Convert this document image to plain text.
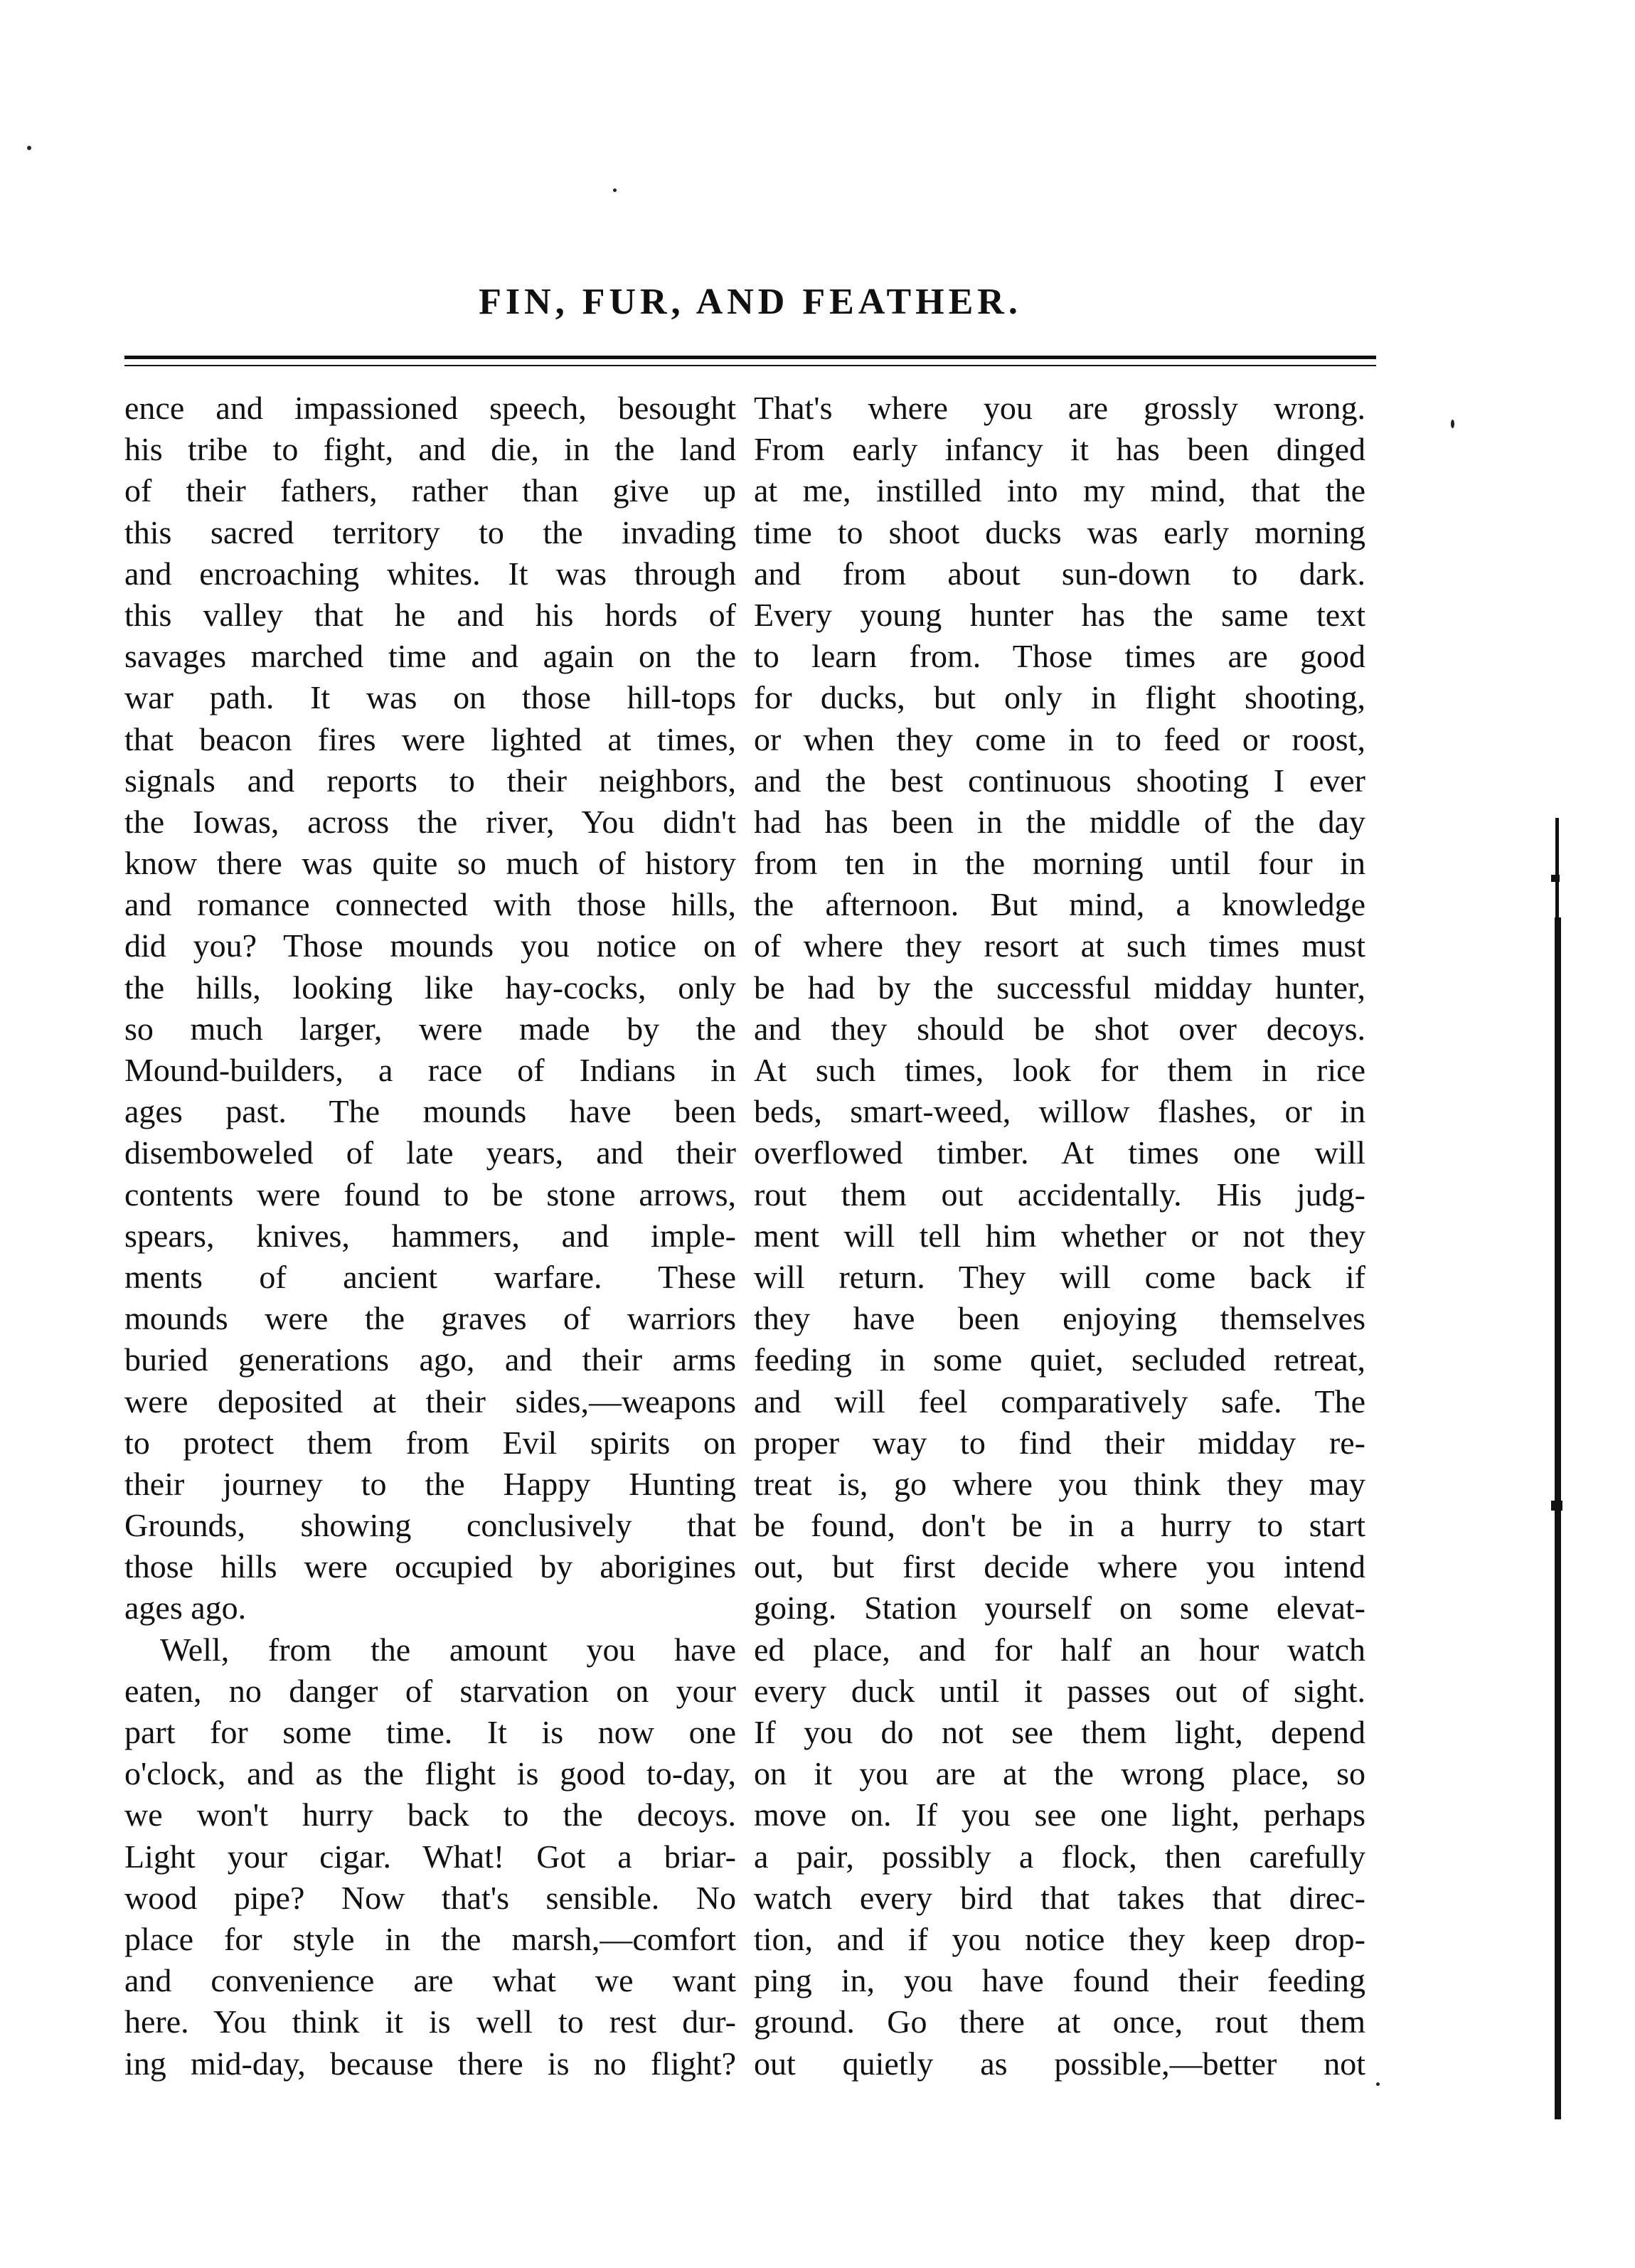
FIN, FUR, AND FEATHER.
ence and impassioned speech, besought
his tribe to fight, and die, in the land
of their fathers, rather than give up
this sacred territory to the invading
and encroaching whites. It was through
this valley that he and his hords of
savages marched time and again on the
war path. It was on those hill-tops
that beacon fires were lighted at times,
signals and reports to their neighbors,
the Iowas, across the river, You didn't
know there was quite so much of history
and romance connected with those hills,
did you? Those mounds you notice on
the hills, looking like hay-cocks, only
so much larger, were made by the
Mound-builders, a race of Indians in
ages past. The mounds have been
disemboweled of late years, and their
contents were found to be stone arrows,
spears, knives, hammers, and imple-
ments of ancient warfare. These
mounds were the graves of warriors
buried generations ago, and their arms
were deposited at their sides,—weapons
to protect them from Evil spirits on
their journey to the Happy Hunting
Grounds, showing conclusively that
those hills were occupied by aborigines
ages ago.
Well, from the amount you have
eaten, no danger of starvation on your
part for some time. It is now one
o'clock, and as the flight is good to-day,
we won't hurry back to the decoys.
Light your cigar. What! Got a briar-
wood pipe? Now that's sensible. No
place for style in the marsh,—comfort
and convenience are what we want
here. You think it is well to rest dur-
ing mid-day, because there is no flight?
That's where you are grossly wrong.
From early infancy it has been dinged
at me, instilled into my mind, that the
time to shoot ducks was early morning
and from about sun-down to dark.
Every young hunter has the same text
to learn from. Those times are good
for ducks, but only in flight shooting,
or when they come in to feed or roost,
and the best continuous shooting I ever
had has been in the middle of the day
from ten in the morning until four in
the afternoon. But mind, a knowledge
of where they resort at such times must
be had by the successful midday hunter,
and they should be shot over decoys.
At such times, look for them in rice
beds, smart-weed, willow flashes, or in
overflowed timber. At times one will
rout them out accidentally. His judg-
ment will tell him whether or not they
will return. They will come back if
they have been enjoying themselves
feeding in some quiet, secluded retreat,
and will feel comparatively safe. The
proper way to find their midday re-
treat is, go where you think they may
be found, don't be in a hurry to start
out, but first decide where you intend
going. Station yourself on some elevat-
ed place, and for half an hour watch
every duck until it passes out of sight.
If you do not see them light, depend
on it you are at the wrong place, so
move on. If you see one light, perhaps
a pair, possibly a flock, then carefully
watch every bird that takes that direc-
tion, and if you notice they keep drop-
ping in, you have found their feeding
ground. Go there at once, rout them
out quietly as possible,—better not
